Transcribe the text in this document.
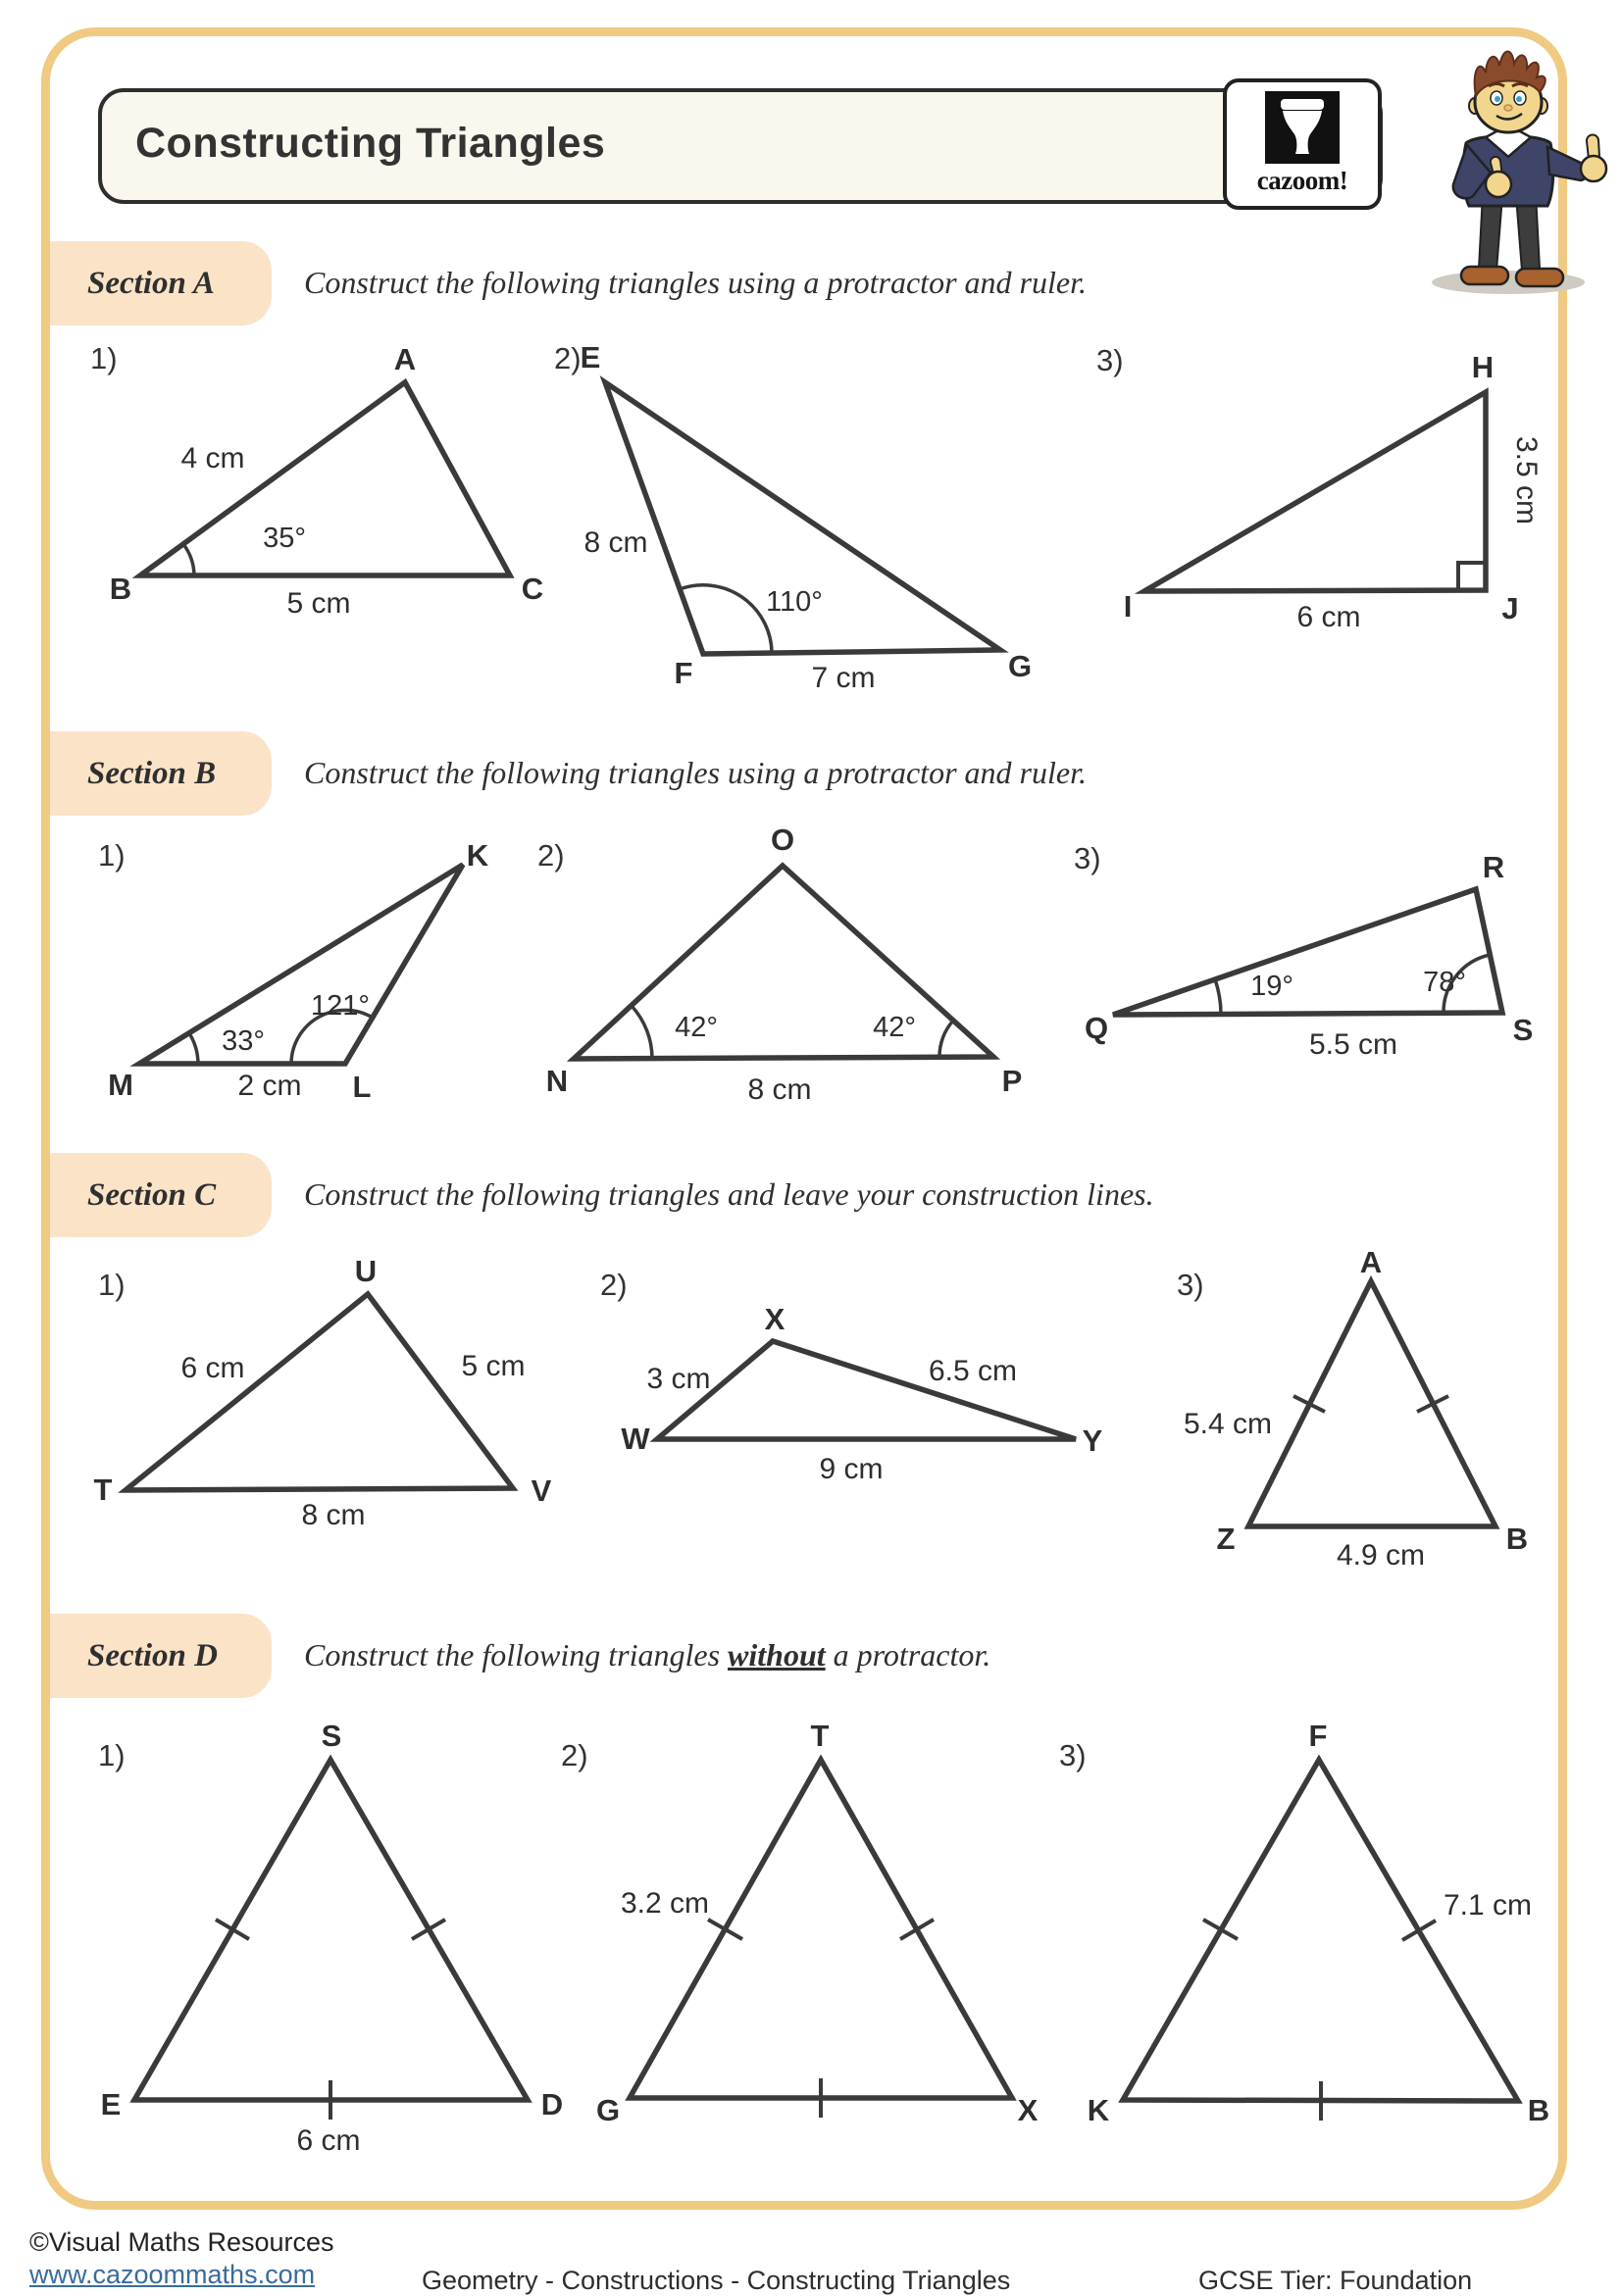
Constructing Triangles
cazoom!
Section A	Construct the following triangles using a protractor and ruler.
1)
B
A
C
4 cm
5 cm
35°
2) E
F	G
8 cm
7 cm
110°
3)	H
I	J
6 cm
3.5 cm
Section B	Construct the following triangles using a protractor and ruler.
1)
M	L
K
2 cm
33°
121°
2)
N	P
O
8 cm
42°	42°
3)
Q	S
R
5.5 cm
19°	78°
Section C	Construct the following triangles and leave your construction lines.
1)
T	V
U
6 cm	5 cm
8 cm
2)
W	Y
X
3 cm	6.5 cm
9 cm
3)
A
Z	B
5.4 cm
4.9 cm
Section D	Construct the following triangles without a protractor.
1)
S
E	D
6 cm
2)
T
G	X
3.2 cm
3)
F
K	B
7.1 cm
©Visual Maths Resources
www.cazoommaths.com	Geometry - Constructions - Constructing Triangles	GCSE Tier: Foundation
